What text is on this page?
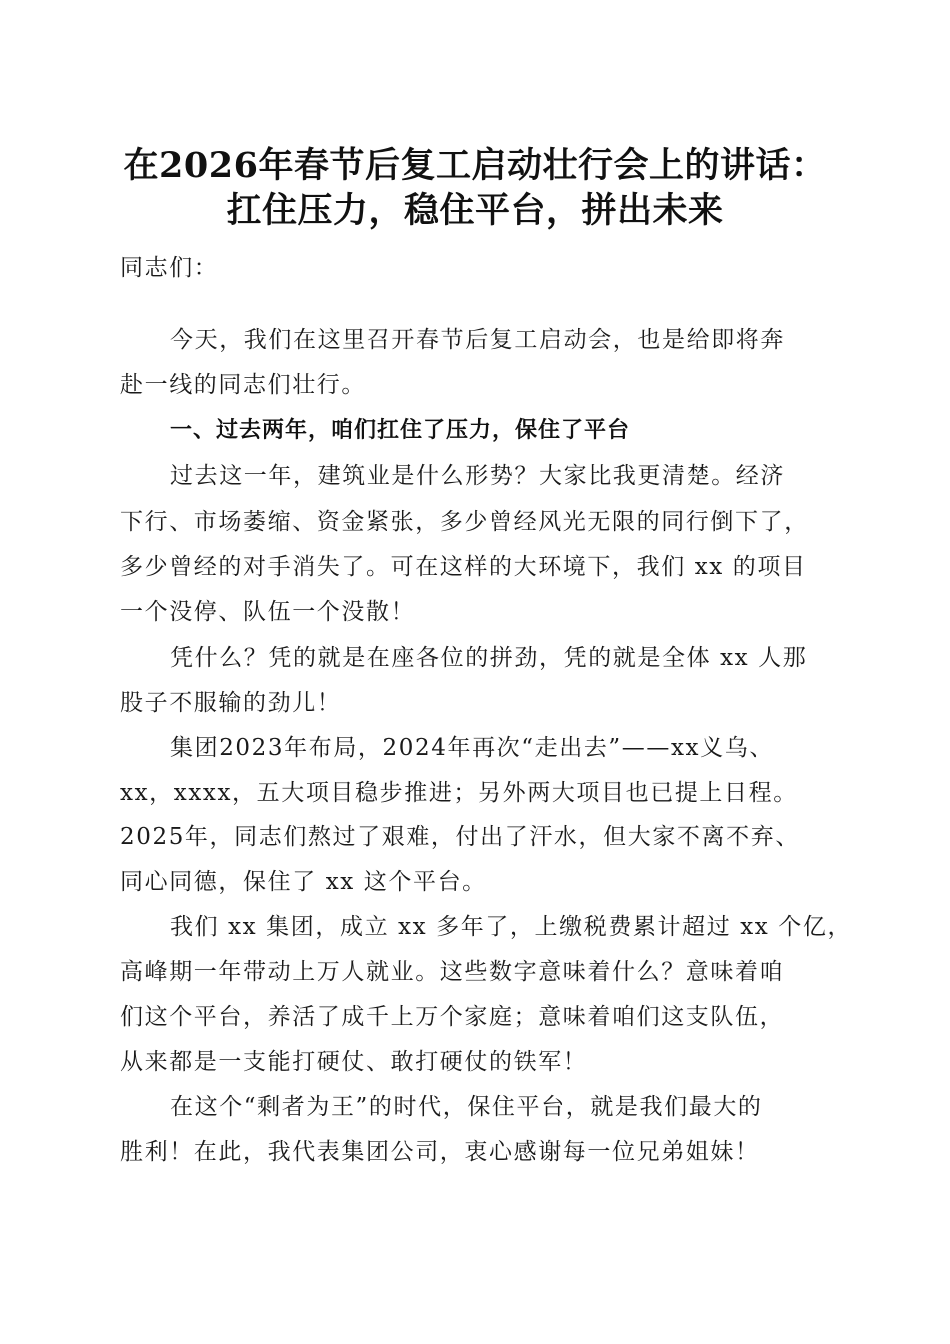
在2026年春节后复工启动壮行会上的讲话：
扛住压力，稳住平台，拼出未来
同志们：
今天，我们在这里召开春节后复工启动会，也是给即将奔
赴一线的同志们壮行。
一、过去两年，咱们扛住了压力，保住了平台
过去这一年，建筑业是什么形势？大家比我更清楚。经济
下行、市场萎缩、资金紧张，多少曾经风光无限的同行倒下了，
多少曾经的对手消失了。可在这样的大环境下，我们 xx 的项目
一个没停、队伍一个没散！
凭什么？凭的就是在座各位的拼劲，凭的就是全体 xx 人那
股子不服输的劲儿！
集团2023年布局，2024年再次“走出去”——xx义乌、
xx，xxxx，五大项目稳步推进；另外两大项目也已提上日程。
2025年，同志们熬过了艰难，付出了汗水，但大家不离不弃、
同心同德，保住了 xx 这个平台。
我们 xx 集团，成立 xx 多年了，上缴税费累计超过 xx 个亿，
高峰期一年带动上万人就业。这些数字意味着什么？意味着咱
们这个平台，养活了成千上万个家庭；意味着咱们这支队伍，
从来都是一支能打硬仗、敢打硬仗的铁军！
在这个“剩者为王”的时代，保住平台，就是我们最大的
胜利！在此，我代表集团公司，衷心感谢每一位兄弟姐妹！
